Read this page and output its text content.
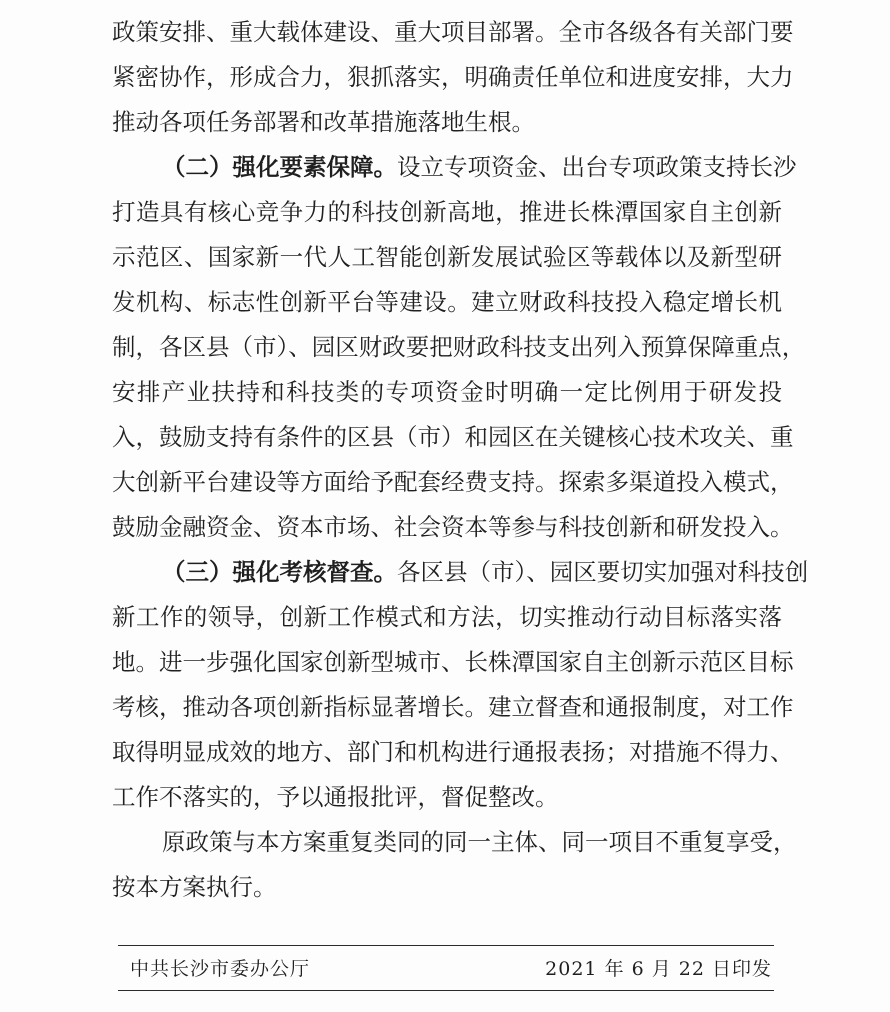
政策安排、重大载体建设、重大项目部署。全市各级各有关部门要
紧密协作，形成合力，狠抓落实，明确责任单位和进度安排，大力
推动各项任务部署和改革措施落地生根。
（二）强化要素保障。设立专项资金、出台专项政策支持长沙
打造具有核心竞争力的科技创新高地，推进长株潭国家自主创新
示范区、国家新一代人工智能创新发展试验区等载体以及新型研
发机构、标志性创新平台等建设。建立财政科技投入稳定增长机
制，各区县（市）、园区财政要把财政科技支出列入预算保障重点，
安排产业扶持和科技类的专项资金时明确一定比例用于研发投
入，鼓励支持有条件的区县（市）和园区在关键核心技术攻关、重
大创新平台建设等方面给予配套经费支持。探索多渠道投入模式，
鼓励金融资金、资本市场、社会资本等参与科技创新和研发投入。
（三）强化考核督查。各区县（市）、园区要切实加强对科技创
新工作的领导，创新工作模式和方法，切实推动行动目标落实落
地。进一步强化国家创新型城市、长株潭国家自主创新示范区目标
考核，推动各项创新指标显著增长。建立督查和通报制度，对工作
取得明显成效的地方、部门和机构进行通报表扬；对措施不得力、
工作不落实的，予以通报批评，督促整改。
原政策与本方案重复类同的同一主体、同一项目不重复享受，
按本方案执行。
中共长沙市委办公厅	2021 年 6 月 22 日印发
